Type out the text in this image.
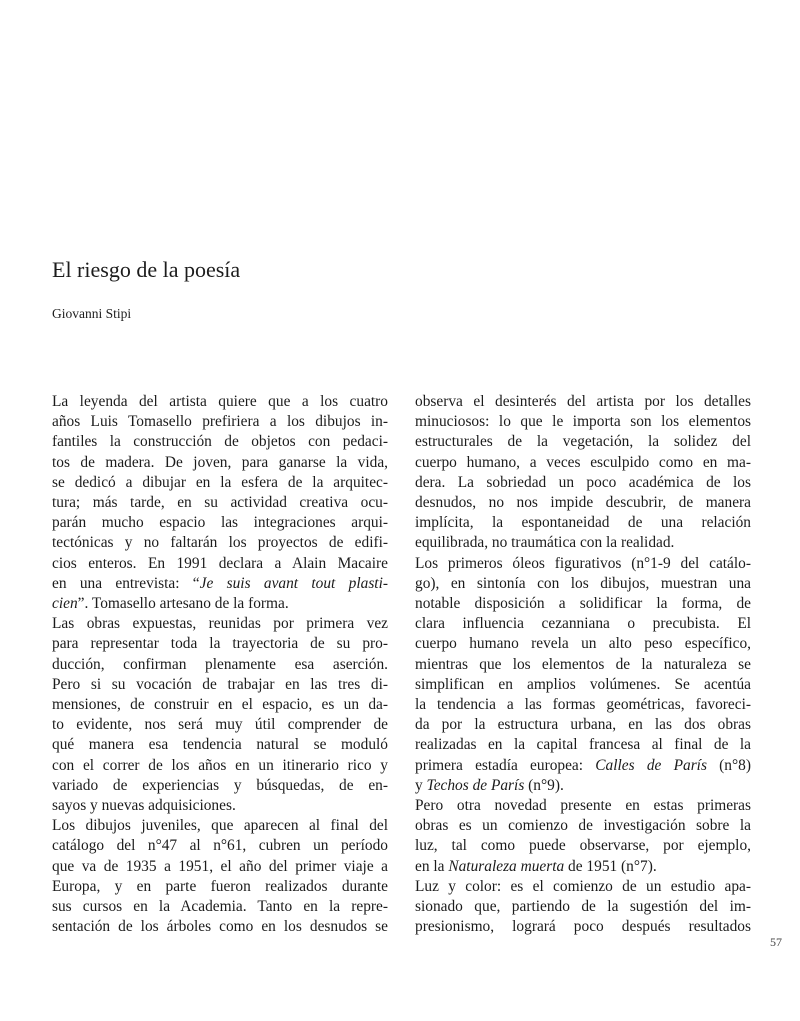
El riesgo de la poesía
Giovanni Stipi

La leyenda del artista quiere que a los cuatro

años Luis Tomasello prefiriera a los dibujos in-

fantiles la construcción de objetos con pedaci-

tos de madera. De joven, para ganarse la vida,

se dedicó a dibujar en la esfera de la arquitec-

tura; más tarde, en su actividad creativa ocu-

parán mucho espacio las integraciones arqui-

tectónicas y no faltarán los proyectos de edifi-

cios enteros. En 1991 declara a Alain Macaire

en una entrevista: “Je suis avant tout plasti-

cien”. Tomasello artesano de la forma.

Las obras expuestas, reunidas por primera vez

para representar toda la trayectoria de su pro-

ducción, confirman plenamente esa aserción.

Pero si su vocación de trabajar en las tres di-

mensiones, de construir en el espacio, es un da-

to evidente, nos será muy útil comprender de

qué manera esa tendencia natural se moduló

con el correr de los años en un itinerario rico y

variado de experiencias y búsquedas, de en-

sayos y nuevas adquisiciones.

Los dibujos juveniles, que aparecen al final del

catálogo del n°47 al n°61, cubren un período

que va de 1935 a 1951, el año del primer viaje a

Europa, y en parte fueron realizados durante

sus cursos en la Academia. Tanto en la repre-

sentación de los árboles como en los desnudos se

observa el desinterés del artista por los detalles

minuciosos: lo que le importa son los elementos

estructurales de la vegetación, la solidez del

cuerpo humano, a veces esculpido como en ma-

dera. La sobriedad un poco académica de los

desnudos, no nos impide descubrir, de manera

implícita, la espontaneidad de una relación

equilibrada, no traumática con la realidad.

Los primeros óleos figurativos (n°1-9 del catálo-

go), en sintonía con los dibujos, muestran una

notable disposición a solidificar la forma, de

clara influencia cezanniana o precubista. El

cuerpo humano revela un alto peso específico,

mientras que los elementos de la naturaleza se

simplifican en amplios volúmenes. Se acentúa

la tendencia a las formas geométricas, favoreci-

da por la estructura urbana, en las dos obras

realizadas en la capital francesa al final de la

primera estadía europea: Calles de París (n°8)

y Techos de París (n°9).

Pero otra novedad presente en estas primeras

obras es un comienzo de investigación sobre la

luz, tal como puede observarse, por ejemplo,

en la Naturaleza muerta de 1951 (n°7).

Luz y color: es el comienzo de un estudio apa-

sionado que, partiendo de la sugestión del im-

presionismo, logrará poco después resultados

57
